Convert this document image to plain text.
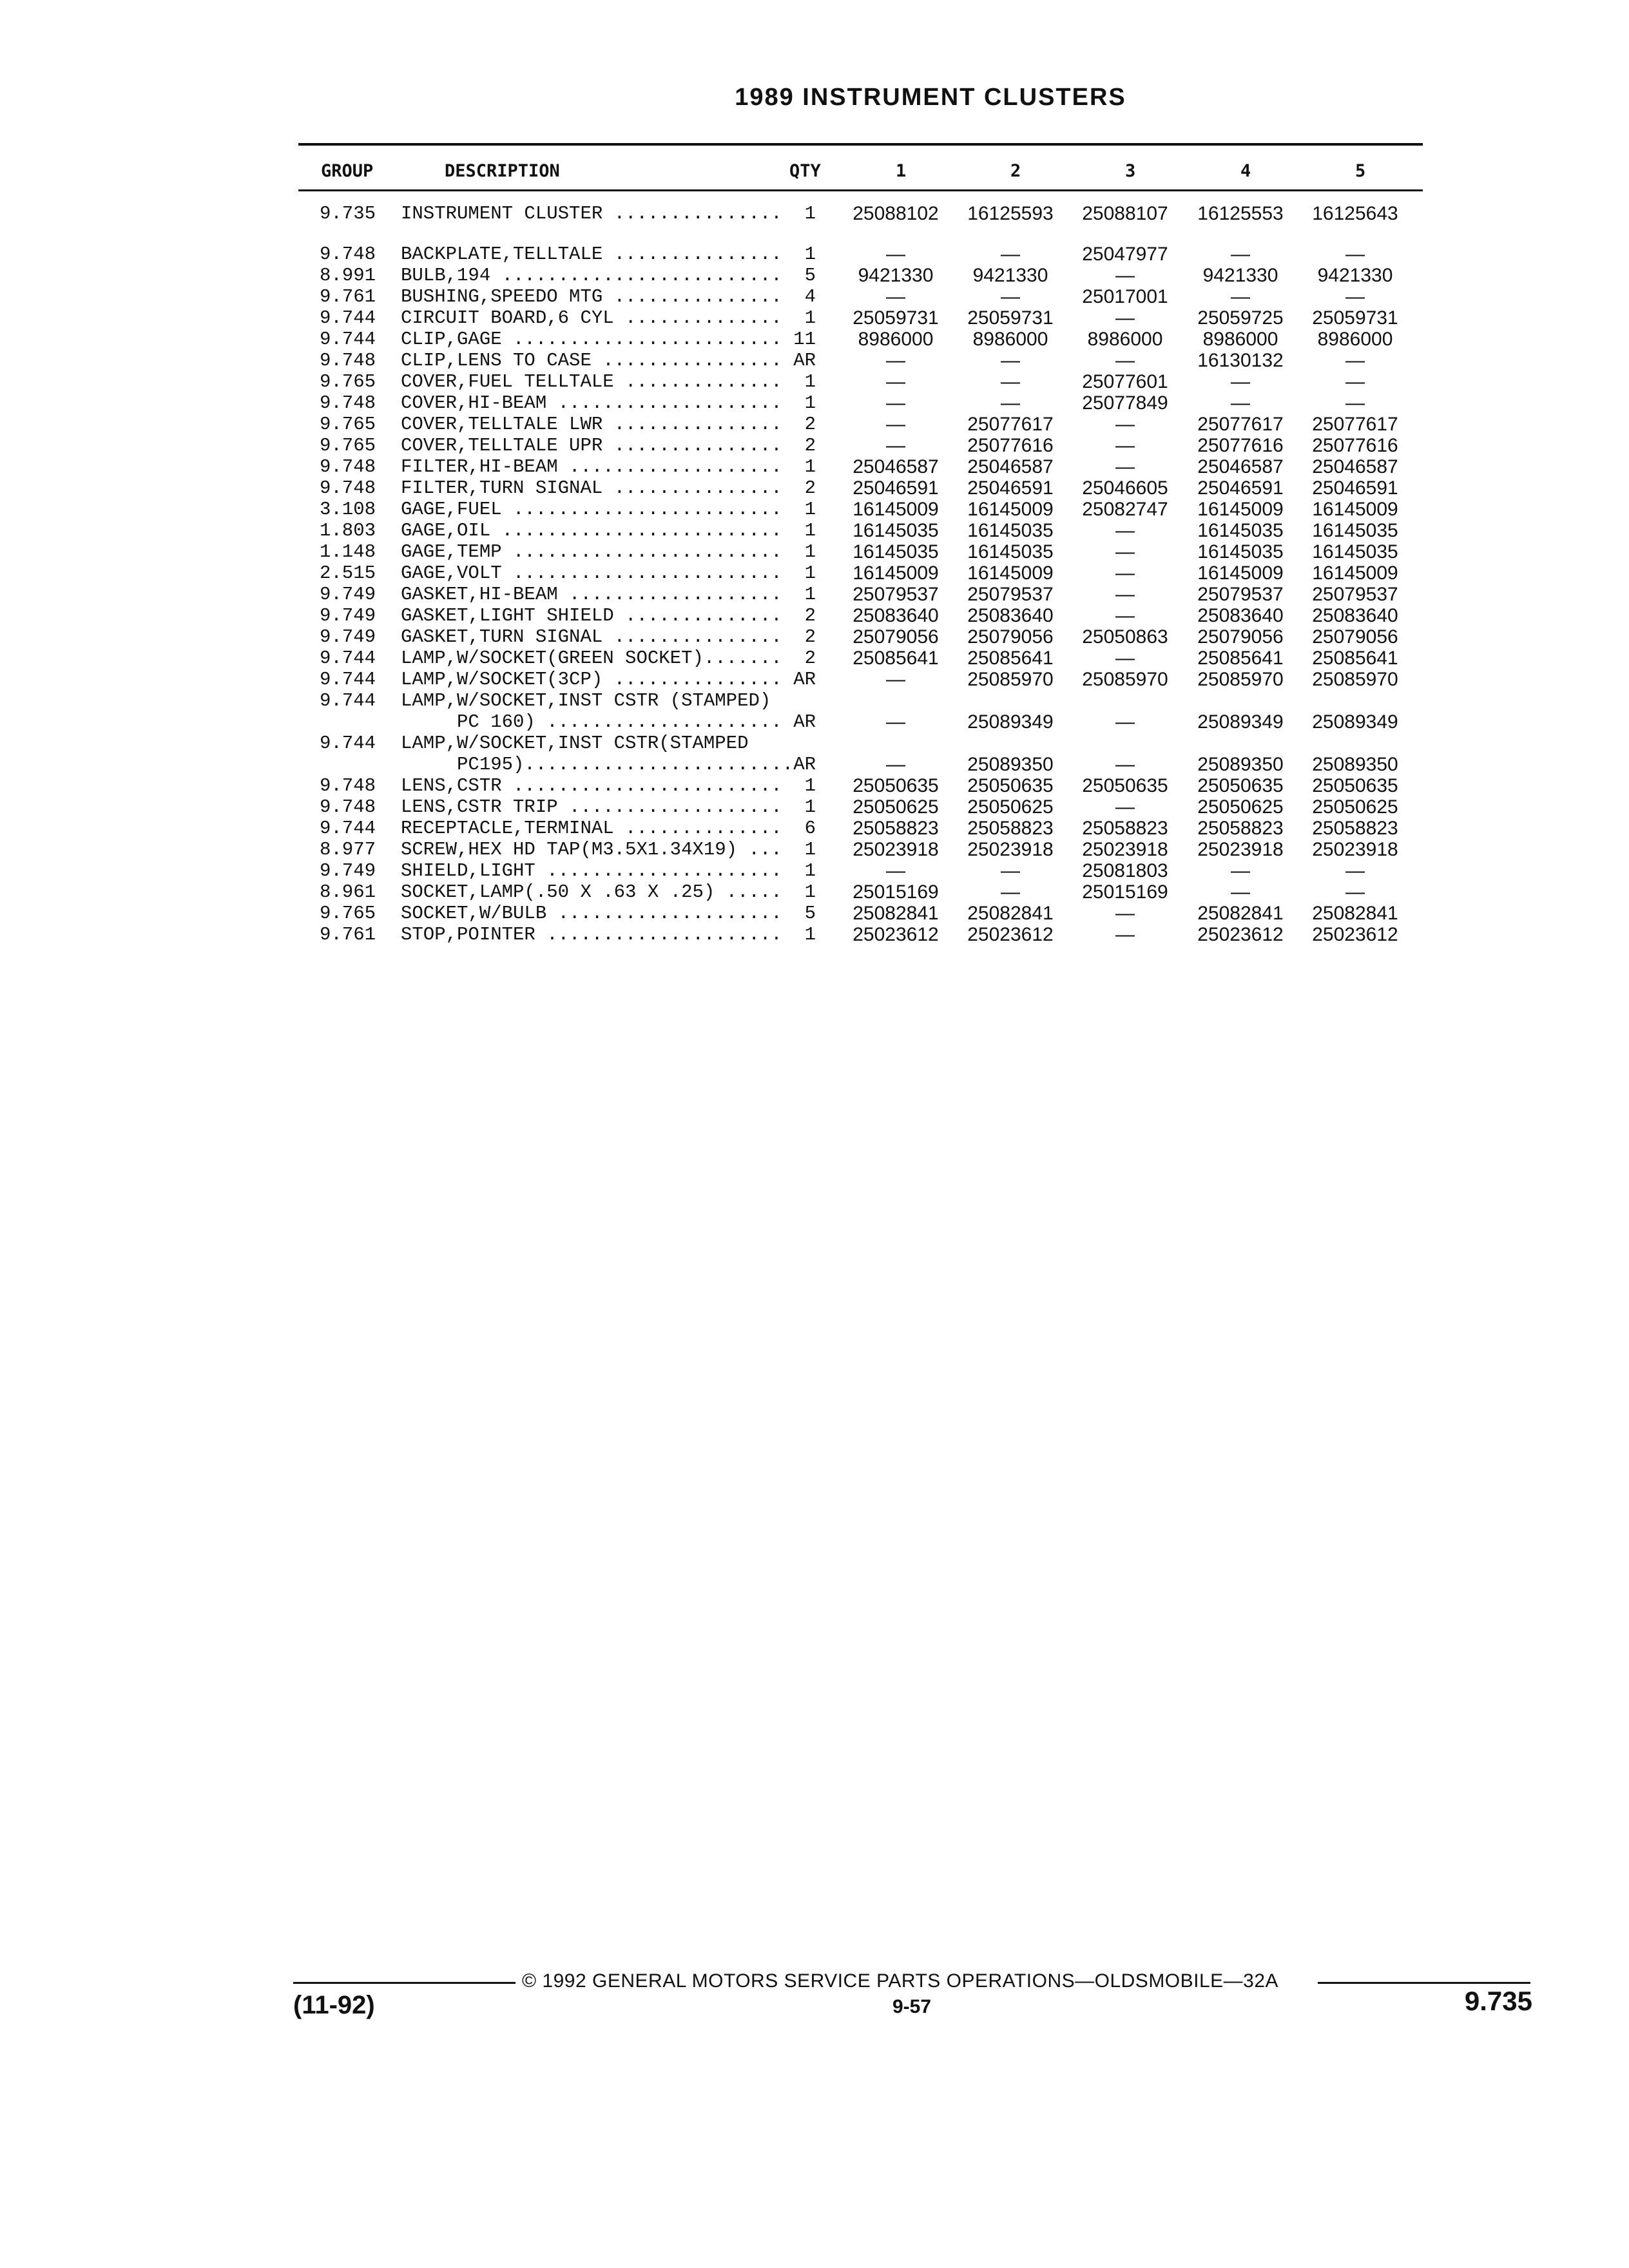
1989 INSTRUMENT CLUSTERS
GROUP	DESCRIPTION	QTY	1	2	3	4	5
9.735	INSTRUMENT CLUSTER ...............	1	25088102	16125593	25088107	16125553	16125643
9.748	BACKPLATE,TELLTALE ...............	1	—	—	25047977	—	—
8.991	BULB,194 .........................	5	9421330	9421330	—	9421330	9421330
9.761	BUSHING,SPEEDO MTG ...............	4	—	—	25017001	—	—
9.744	CIRCUIT BOARD,6 CYL ..............	1	25059731	25059731	—	25059725	25059731
9.744	CLIP,GAGE ........................ 11	8986000	8986000	8986000	8986000	8986000
9.748	CLIP,LENS TO CASE ................ AR	—	—	—	16130132	—
9.765	COVER,FUEL TELLTALE ..............	1	—	—	25077601	—	—
9.748	COVER,HI-BEAM ....................	1	—	—	25077849	—	—
9.765	COVER,TELLTALE LWR ...............	2	—	25077617	—	25077617	25077617
9.765	COVER,TELLTALE UPR ...............	2	—	25077616	—	25077616	25077616
9.748	FILTER,HI-BEAM ...................	1	25046587	25046587	—	25046587	25046587
9.748	FILTER,TURN SIGNAL ...............	2	25046591	25046591	25046605	25046591	25046591
3.108	GAGE,FUEL ........................	1	16145009	16145009	25082747	16145009	16145009
1.803	GAGE,OIL .........................	1	16145035	16145035	—	16145035	16145035
1.148	GAGE,TEMP ........................	1	16145035	16145035	—	16145035	16145035
2.515	GAGE,VOLT ........................	1	16145009	16145009	—	16145009	16145009
9.749	GASKET,HI-BEAM ...................	1	25079537	25079537	—	25079537	25079537
9.749	GASKET,LIGHT SHIELD ..............	2	25083640	25083640	—	25083640	25083640
9.749	GASKET,TURN SIGNAL ...............	2	25079056	25079056	25050863	25079056	25079056
9.744	LAMP,W/SOCKET(GREEN SOCKET).......	2	25085641	25085641	—	25085641	25085641
9.744	LAMP,W/SOCKET(3CP) ............... AR	—	25085970	25085970	25085970	25085970
9.744	LAMP,W/SOCKET,INST CSTR (STAMPED)
PC 160) ..................... AR	—	25089349	—	25089349	25089349
9.744	LAMP,W/SOCKET,INST CSTR(STAMPED
PC195)........................ AR	—	25089350	—	25089350	25089350
9.748	LENS,CSTR ........................	1	25050635	25050635	25050635	25050635	25050635
9.748	LENS,CSTR TRIP ...................	1	25050625	25050625	—	25050625	25050625
9.744	RECEPTACLE,TERMINAL ..............	6	25058823	25058823	25058823	25058823	25058823
8.977	SCREW,HEX HD TAP(M3.5X1.34X19) ...	1	25023918	25023918	25023918	25023918	25023918
9.749	SHIELD,LIGHT .....................	1	—	—	25081803	—	—
8.961	SOCKET,LAMP(.50 X .63 X .25) .....	1	25015169	—	25015169	—	—
9.765	SOCKET,W/BULB ....................	5	25082841	25082841	—	25082841	25082841
9.761	STOP,POINTER .....................	1	25023612	25023612	—	25023612	25023612
© 1992 GENERAL MOTORS SERVICE PARTS OPERATIONS—OLDSMOBILE—32A
(11-92)	9-57	9.735
